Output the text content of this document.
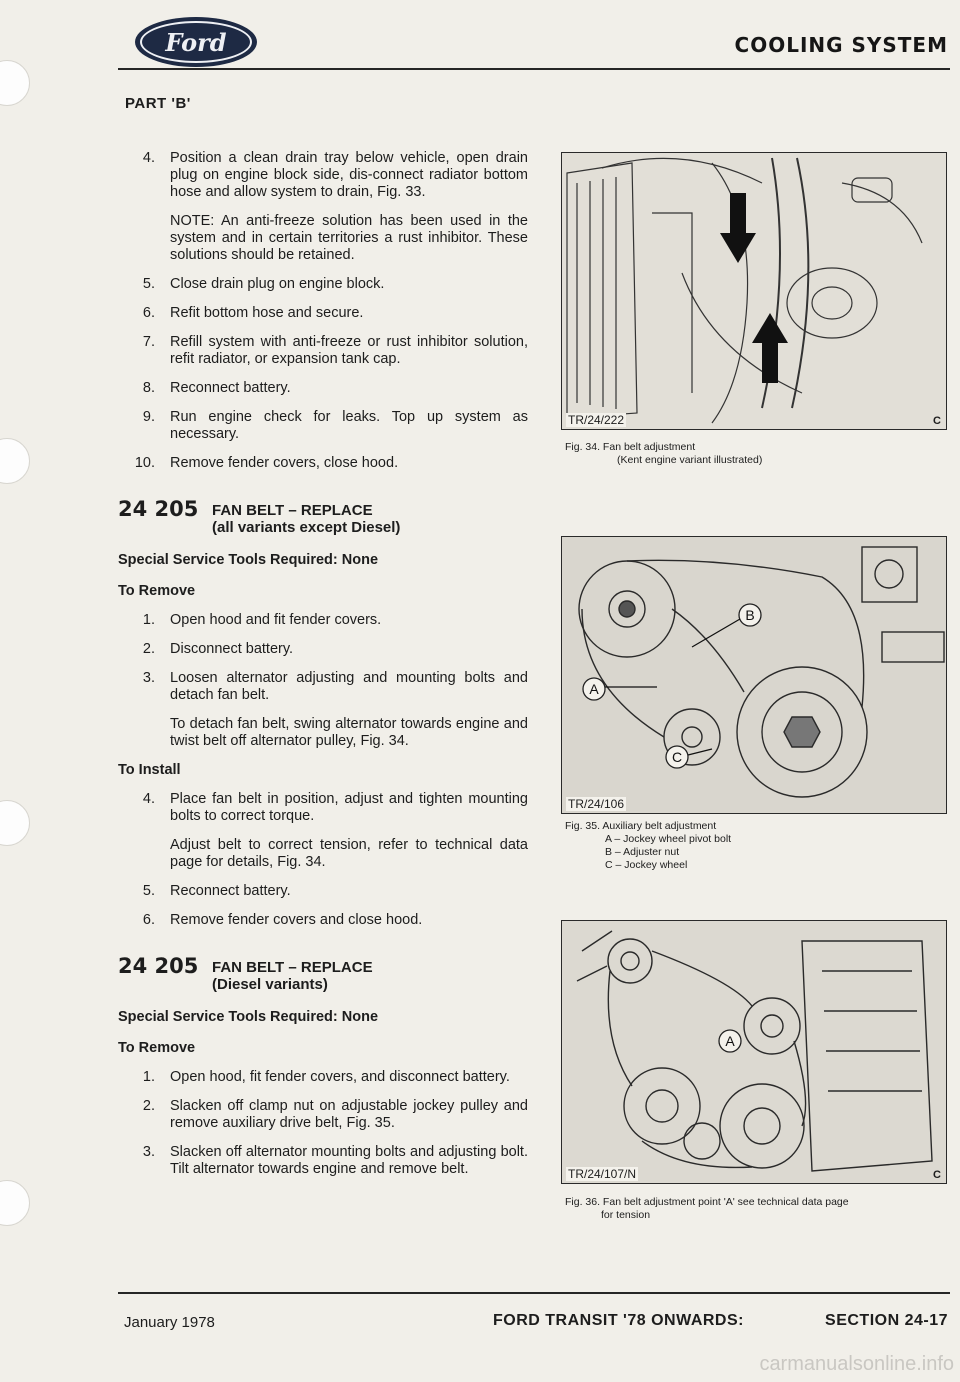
Ford	COOLING SYSTEM
PART 'B'
4.	Position a clean drain tray below vehicle, open drain plug on engine block side, dis-connect radiator bottom hose and allow system to drain, Fig. 33.
NOTE: An anti-freeze solution has been used in the system and in certain territories a rust inhibitor. These solutions should be retained.
5.	Close drain plug on engine block.
6.	Refit bottom hose and secure.
7.	Refill system with anti-freeze or rust inhibitor solution, refit radiator, or expansion tank cap.
8.	Reconnect battery.
9.	Run engine check for leaks. Top up system as necessary.
10.	Remove fender covers, close hood.
24 205 FAN BELT – REPLACE
(all variants except Diesel)
Special Service Tools Required: None
To Remove
1.	Open hood and fit fender covers.
2.	Disconnect battery.
3.	Loosen alternator adjusting and mounting bolts and detach fan belt.
To detach fan belt, swing alternator towards engine and twist belt off alternator pulley, Fig. 34.
To Install
4.	Place fan belt in position, adjust and tighten mounting bolts to correct torque.
Adjust belt to correct tension, refer to technical data page for details, Fig. 34.
5.	Reconnect battery.
6.	Remove fender covers and close hood.
24 205 FAN BELT – REPLACE
(Diesel variants)
Special Service Tools Required: None
To Remove
1.	Open hood, fit fender covers, and disconnect battery.
2.	Slacken off clamp nut on adjustable jockey pulley and remove auxiliary drive belt, Fig. 35.
3.	Slacken off alternator mounting bolts and adjusting bolt. Tilt alternator towards engine and remove belt.
TR/24/222	C
Fig. 34. Fan belt adjustment
(Kent engine variant illustrated)
B
A
C
TR/24/106
Fig. 35. Auxiliary belt adjustment
A – Jockey wheel pivot bolt
B – Adjuster nut
C – Jockey wheel
A
TR/24/107/N	C
Fig. 36. Fan belt adjustment point 'A' see technical data page
for tension
January 1978	FORD TRANSIT '78 ONWARDS:	SECTION 24-17
carmanualsonline.info
